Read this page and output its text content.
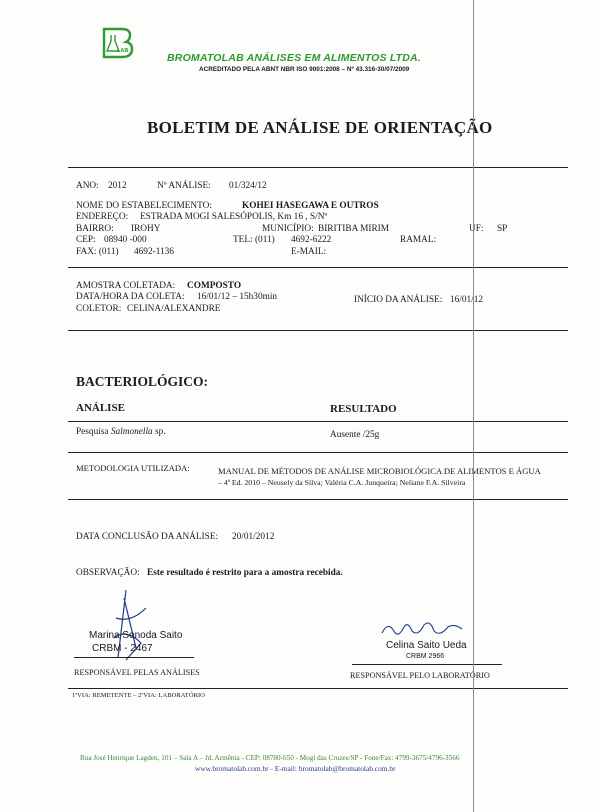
LAB
BROMATOLAB ANÁLISES EM ALIMENTOS LTDA.
ACREDITADO PELA ABNT NBR ISO 9001:2008 – Nº 43.316-30/07/2009
BOLETIM DE ANÁLISE DE ORIENTAÇÃO
ANO: 2012	Nº ANÁLISE: 01/324/12
NOME DO ESTABELECIMENTO:	KOHEI HASEGAWA E OUTROS
ENDEREÇO: ESTRADA MOGI SALESÓPOLIS, Km 16 , S/Nº
BAIRRO: IROHY	MUNICÍPIO: BIRITIBA MIRIM	UF: SP
CEP: 08940 -000	TEL: (011) 4692-6222	RAMAL:
FAX: (011) 4692-1136	E-MAIL:
AMOSTRA COLETADA: COMPOSTO
DATA/HORA DA COLETA: 16/01/12 – 15h30min	INÍCIO DA ANÁLISE: 16/01/12
COLETOR: CELINA/ALEXANDRE
BACTERIOLÓGICO:
ANÁLISE	RESULTADO
Pesquisa Salmonella sp.	Ausente /25g
METODOLOGIA UTILIZADA:	MANUAL DE MÉTODOS DE ANÁLISE MICROBIOLÓGICA DE ALIMENTOS E ÁGUA
– 4ª Ed. 2010 – Neusely da Silva; Valéria C.A. Junqueira; Neliane F.A. Silveira
DATA CONCLUSÃO DA ANÁLISE: 20/01/2012
OBSERVAÇÃO: Este resultado é restrito para a amostra recebida.
Marina Sonoda Saito
CRBM - 2467
RESPONSÁVEL PELAS ANÁLISES
Celina Saito Ueda
CRBM 2966
RESPONSÁVEL PELO LABORATÓRIO
1ªVIA: REMETENTE – 2ªVIA: LABORATÓRIO
Rua José Henrique Lagden, 101 – Sala A – Jd. Armênia - CEP: 08780-650 - Mogi das Cruzes/SP - Fone/Fax: 4799-3675/4796-3566
www.bromatolab.com.br - E-mail: bromatolab@bromatolab.com.br
